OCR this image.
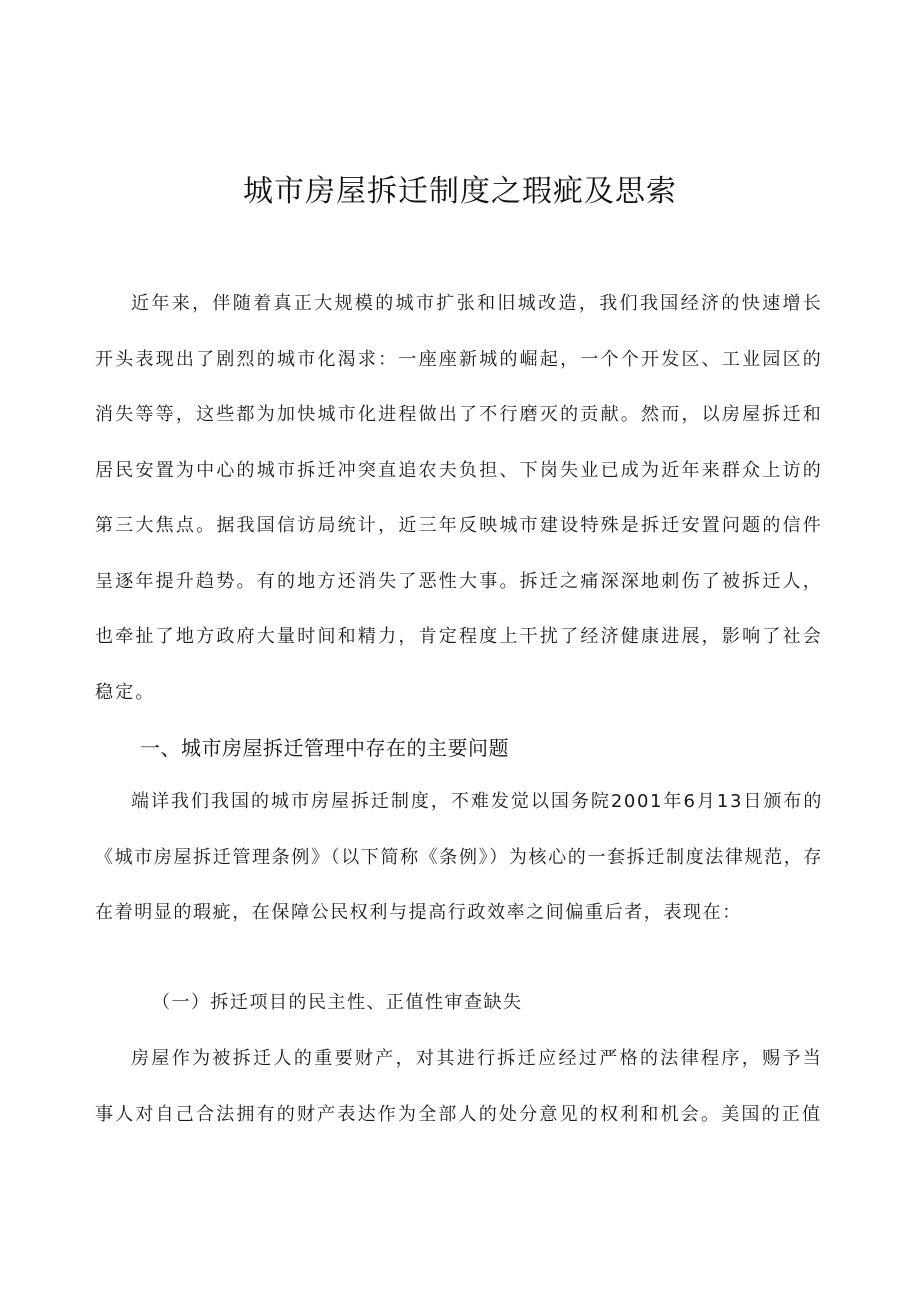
城市房屋拆迁制度之瑕疵及思索

近年来，伴随着真正大规模的城市扩张和旧城改造，我们我国经济的快速增长开头表现出了剧烈的城市化渴求：一座座新城的崛起，一个个开发区、工业园区的消失等等，这些都为加快城市化进程做出了不行磨灭的贡献。然而，以房屋拆迁和居民安置为中心的城市拆迁冲突直追农夫负担、下岗失业已成为近年来群众上访的第三大焦点。据我国信访局统计，近三年反映城市建设特殊是拆迁安置问题的信件呈逐年提升趋势。有的地方还消失了恶性大事。拆迁之痛深深地刺伤了被拆迁人，也牵扯了地方政府大量时间和精力，肯定程度上干扰了经济健康进展，影响了社会稳定。

一、城市房屋拆迁管理中存在的主要问题

端详我们我国的城市房屋拆迁制度，不难发觉以国务院2001年6月13日颁布的《城市房屋拆迁管理条例》（以下简称《条例》）为核心的一套拆迁制度法律规范，存在着明显的瑕疵，在保障公民权利与提高行政效率之间偏重后者，表现在：

（一）拆迁项目的民主性、正值性审查缺失

房屋作为被拆迁人的重要财产，对其进行拆迁应经过严格的法律程序，赐予当事人对自己合法拥有的财产表达作为全部人的处分意见的权利和机会。美国的正值
